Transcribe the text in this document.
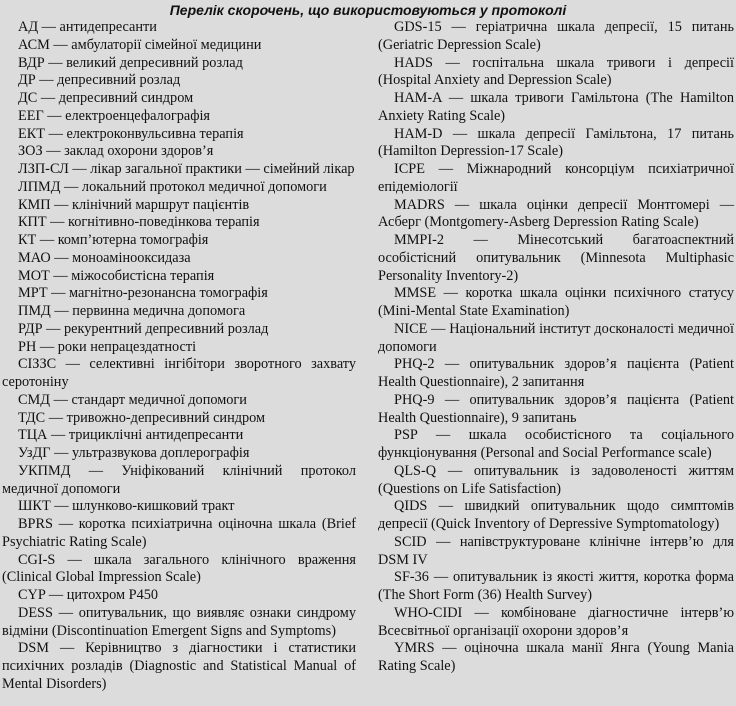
Перелік скорочень, що використовуються у протоколі

АД — антидепресанти

АСМ — амбулаторії сімейної медицини

ВДР — великий депресивний розлад

ДР — депресивний розлад

ДС — депресивний синдром

ЕЕГ — електроенцефалографія

ЕКТ — електроконвульсивна терапія

ЗОЗ — заклад охорони здоров’я

ЛЗП-СЛ — лікар загальної практики — сімейний лікар

ЛПМД — локальний протокол медичної допомоги

КМП — клінічний маршрут пацієнтів

КПТ — когнітивно-поведінкова терапія

КТ — комп’ютерна томографія

МАО — моноамінооксидаза

МОТ — міжособистісна терапія

МРТ — магнітно-резонансна томографія

ПМД — первинна медична допомога

РДР — рекурентний депресивний розлад

РН — роки непрацездатності

СІЗЗС — селективні інгібітори зворотного захвату серотоніну

СМД — стандарт медичної допомоги

ТДС — тривожно-депресивний синдром

ТЦА — трициклічні антидепресанти

УзДГ — ультразвукова доплерографія

УКПМД — Уніфікований клінічний протокол медичної допомоги

ШКТ — шлунково-кишковий тракт

BPRS — коротка психіатрична оціночна шкала (Brief Psychiatric Rating Scale)

CGI-S — шкала загального клінічного враження (Clinical Global Impression Scale)

CYP — цитохром P450

DESS — опитувальник, що виявляє ознаки синдрому відміни (Discontinuation Emergent Signs and Symptoms)

DSM — Керівництво з діагностики і статистики психічних розладів (Diagnostic and Statistical Manual of Mental Disorders)

GDS-15 — геріатрична шкала депресії, 15 питань (Geriatric Depression Scale)

HADS — госпітальна шкала тривоги і депресії (Hospital Anxiety and Depression Scale)

HAM-A — шкала тривоги Гамільтона (The Hamilton Anxiety Rating Scale)

HAM-D — шкала депресії Гамільтона, 17 питань (Hamilton Depression-17 Scale)

ICPE — Міжнародний консорціум психіатричної епідеміології

MADRS — шкала оцінки депресії Монтгомері — Асберг (Montgomery-Asberg Depression Rating Scale)

MMPI-2 — Мінесотський багатоаспектний особістісний опитувальник (Minnesota Multiphasic Personality Inventory-2)

MMSE — коротка шкала оцінки психічного статусу (Mini-Mental State Examination)

NICE — Національний інститут досконалості медичної допомоги

PHQ-2 — опитувальник здоров’я пацієнта (Patient Health Questionnaire), 2 запитання

PHQ-9 — опитувальник здоров’я пацієнта (Patient Health Questionnaire), 9 запитань

PSP — шкала особистісного та соціального функціонування (Personal and Social Performance scale)

QLS-Q — опитувальник із задоволеності життям (Questions on Life Satisfaction)

QIDS — швидкий опитувальник щодо симптомів депресії (Quick Inventory of Depressive Symptomatology)

SCID — напівструктуроване клінічне інтерв’ю для DSM IV

SF-36 — опитувальник із якості життя, коротка форма (The Short Form (36) Health Survey)

WHO-CIDI — комбіноване діагностичне інтерв’ю Всесвітньої організації охорони здоров’я

YMRS — оціночна шкала манії Янга (Young Mania Rating Scale)
